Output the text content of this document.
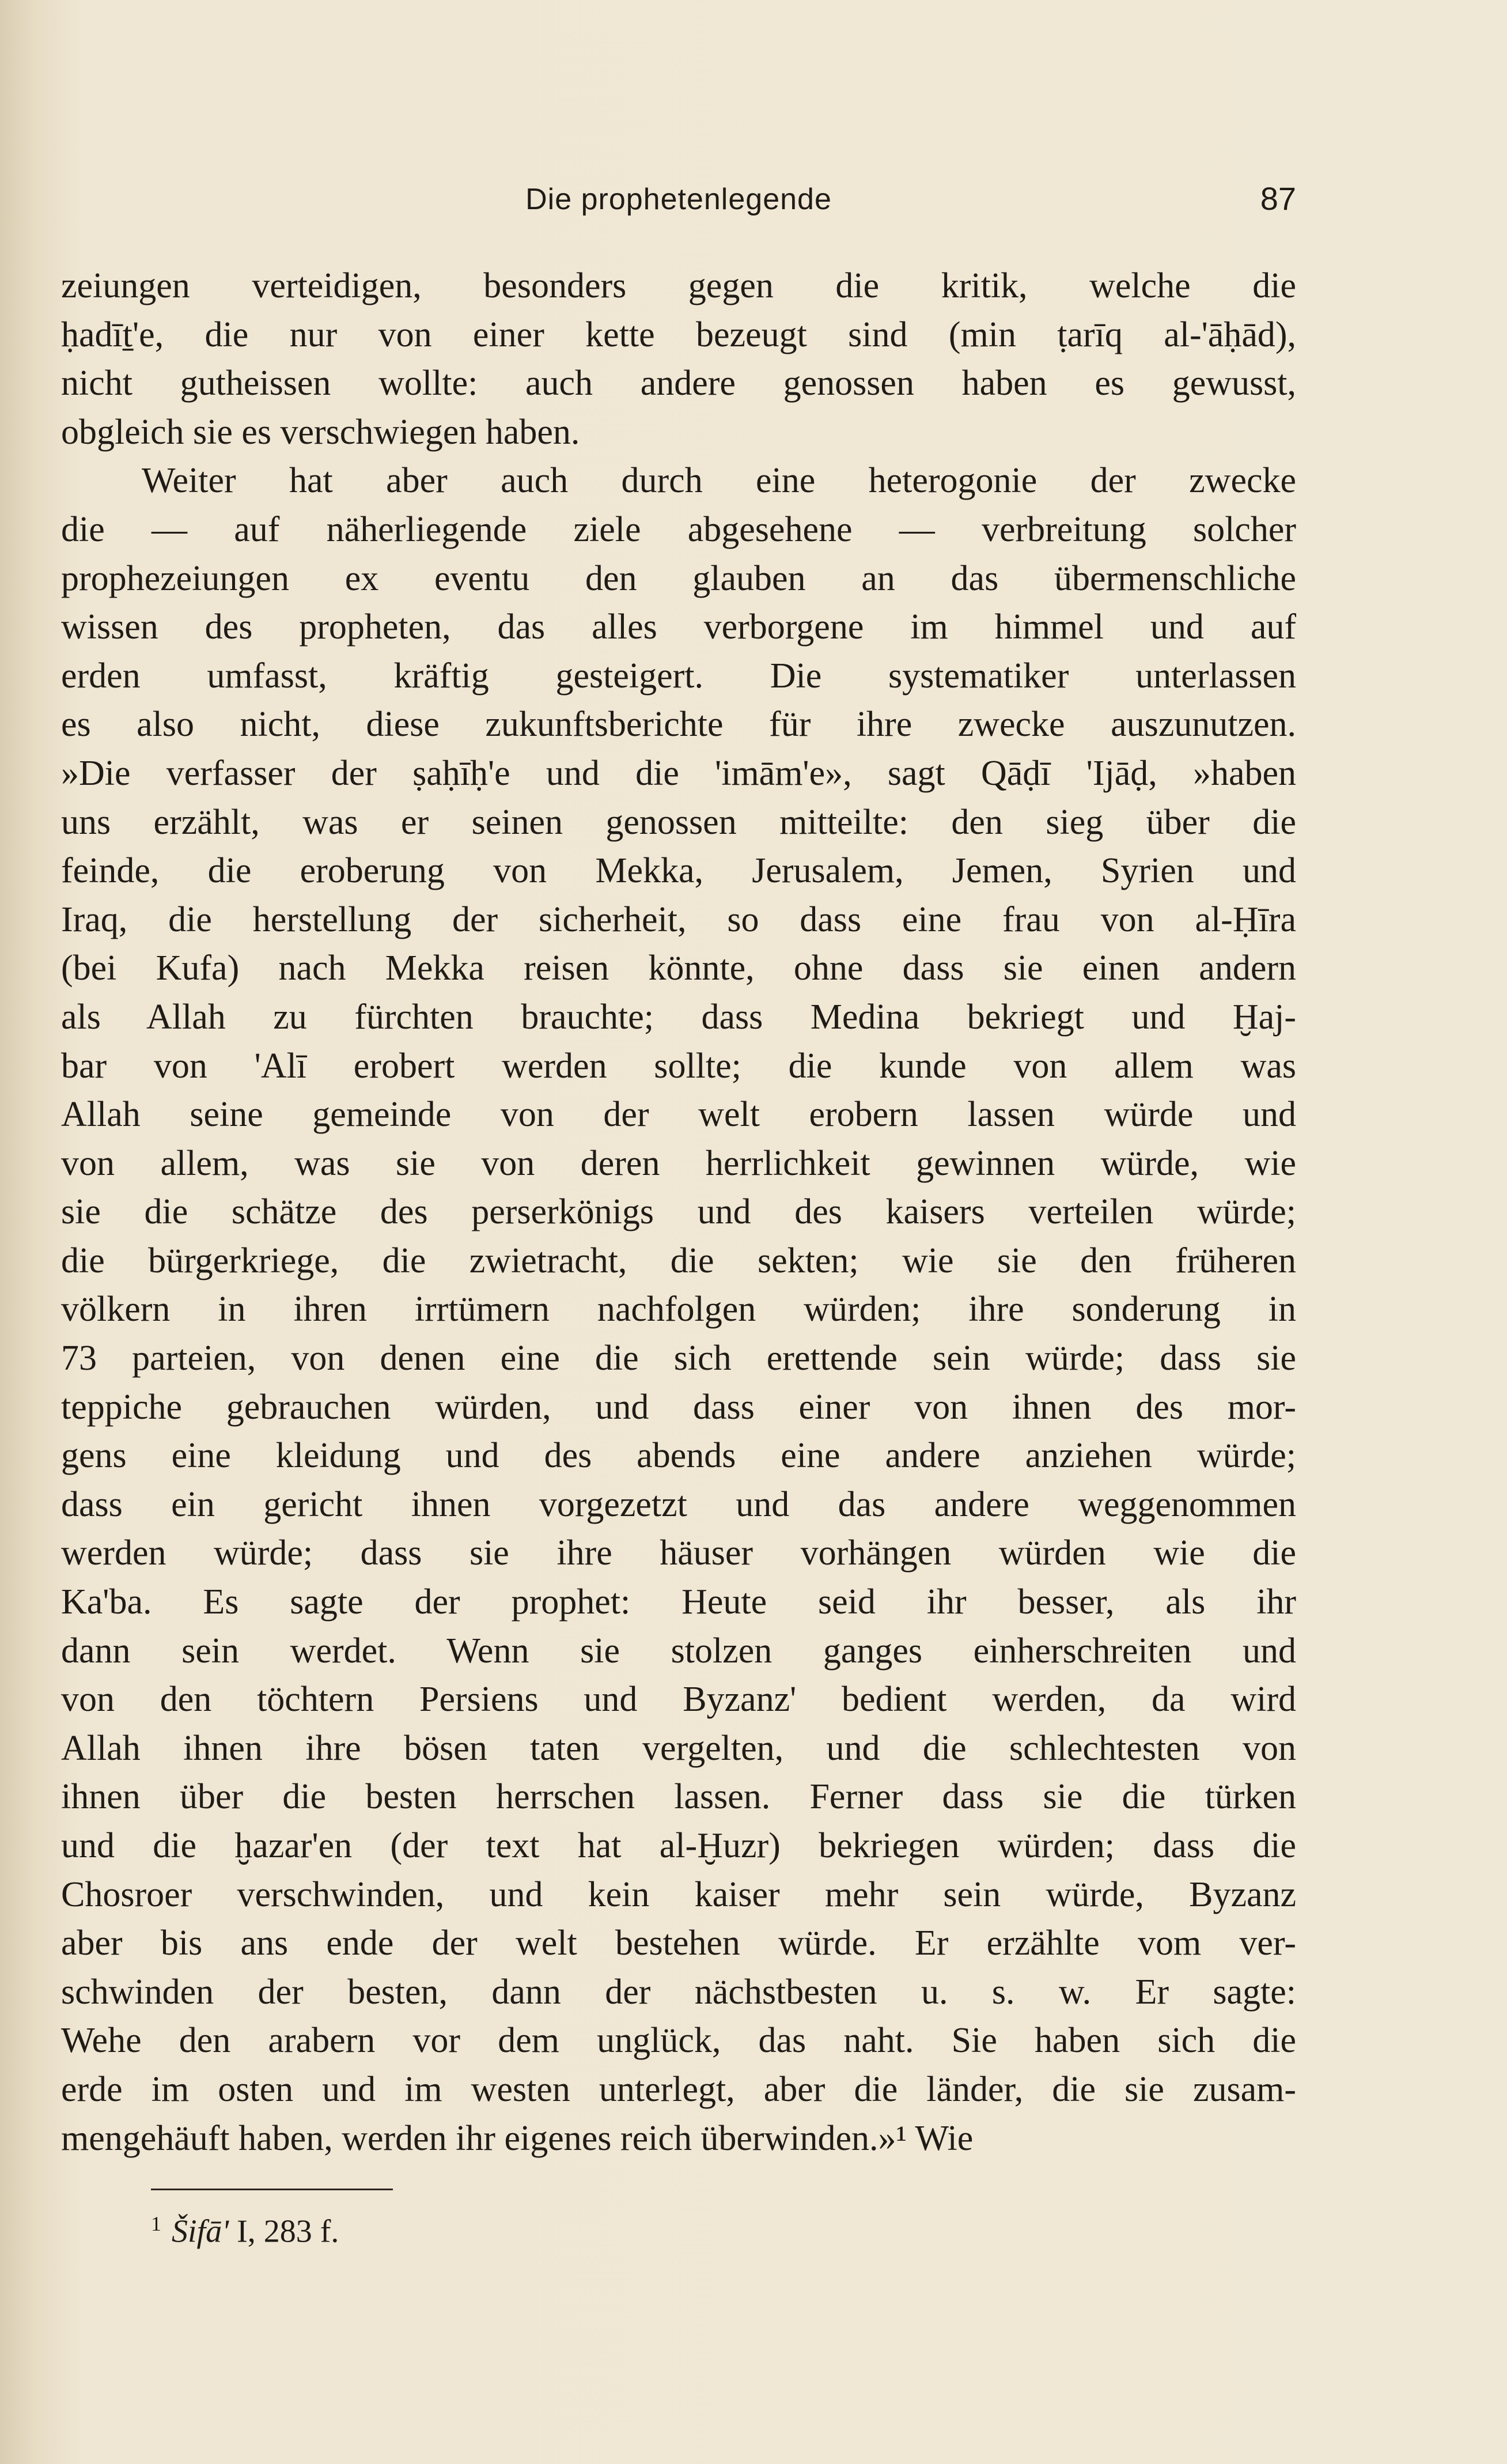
Die prophetenlegende	87
zeiungen verteidigen, besonders gegen die kritik, welche die
ḥadīṯ'e, die nur von einer kette bezeugt sind (min ṭarīq al-'āḥād),
nicht gutheissen wollte: auch andere genossen haben es gewusst,
obgleich sie es verschwiegen haben.
Weiter hat aber auch durch eine heterogonie der zwecke
die — auf näherliegende ziele abgesehene — verbreitung solcher
prophezeiungen ex eventu den glauben an das übermenschliche
wissen des propheten, das alles verborgene im himmel und auf
erden umfasst, kräftig gesteigert. Die systematiker unterlassen
es also nicht, diese zukunftsberichte für ihre zwecke auszunutzen.
»Die verfasser der ṣaḥīḥ'e und die 'imām'e», sagt Qāḍī 'Ijāḍ, »haben
uns erzählt, was er seinen genossen mitteilte: den sieg über die
feinde, die eroberung von Mekka, Jerusalem, Jemen, Syrien und
Iraq, die herstellung der sicherheit, so dass eine frau von al-Ḥīra
(bei Kufa) nach Mekka reisen könnte, ohne dass sie einen andern
als Allah zu fürchten brauchte; dass Medina bekriegt und Ḫaj-
bar von 'Alī erobert werden sollte; die kunde von allem was
Allah seine gemeinde von der welt erobern lassen würde und
von allem, was sie von deren herrlichkeit gewinnen würde, wie
sie die schätze des perserkönigs und des kaisers verteilen würde;
die bürgerkriege, die zwietracht, die sekten; wie sie den früheren
völkern in ihren irrtümern nachfolgen würden; ihre sonderung in
73 parteien, von denen eine die sich erettende sein würde; dass sie
teppiche gebrauchen würden, und dass einer von ihnen des mor-
gens eine kleidung und des abends eine andere anziehen würde;
dass ein gericht ihnen vorgezetzt und das andere weggenommen
werden würde; dass sie ihre häuser vorhängen würden wie die
Ka'ba. Es sagte der prophet: Heute seid ihr besser, als ihr
dann sein werdet. Wenn sie stolzen ganges einherschreiten und
von den töchtern Persiens und Byzanz' bedient werden, da wird
Allah ihnen ihre bösen taten vergelten, und die schlechtesten von
ihnen über die besten herrschen lassen. Ferner dass sie die türken
und die ḫazar'en (der text hat al-Ḫuzr) bekriegen würden; dass die
Chosroer verschwinden, und kein kaiser mehr sein würde, Byzanz
aber bis ans ende der welt bestehen würde. Er erzählte vom ver-
schwinden der besten, dann der nächstbesten u. s. w. Er sagte:
Wehe den arabern vor dem unglück, das naht. Sie haben sich die
erde im osten und im westen unterlegt, aber die länder, die sie zusam-
mengehäuft haben, werden ihr eigenes reich überwinden.»¹ Wie
$^1$ Šifā' I, 283 f.
